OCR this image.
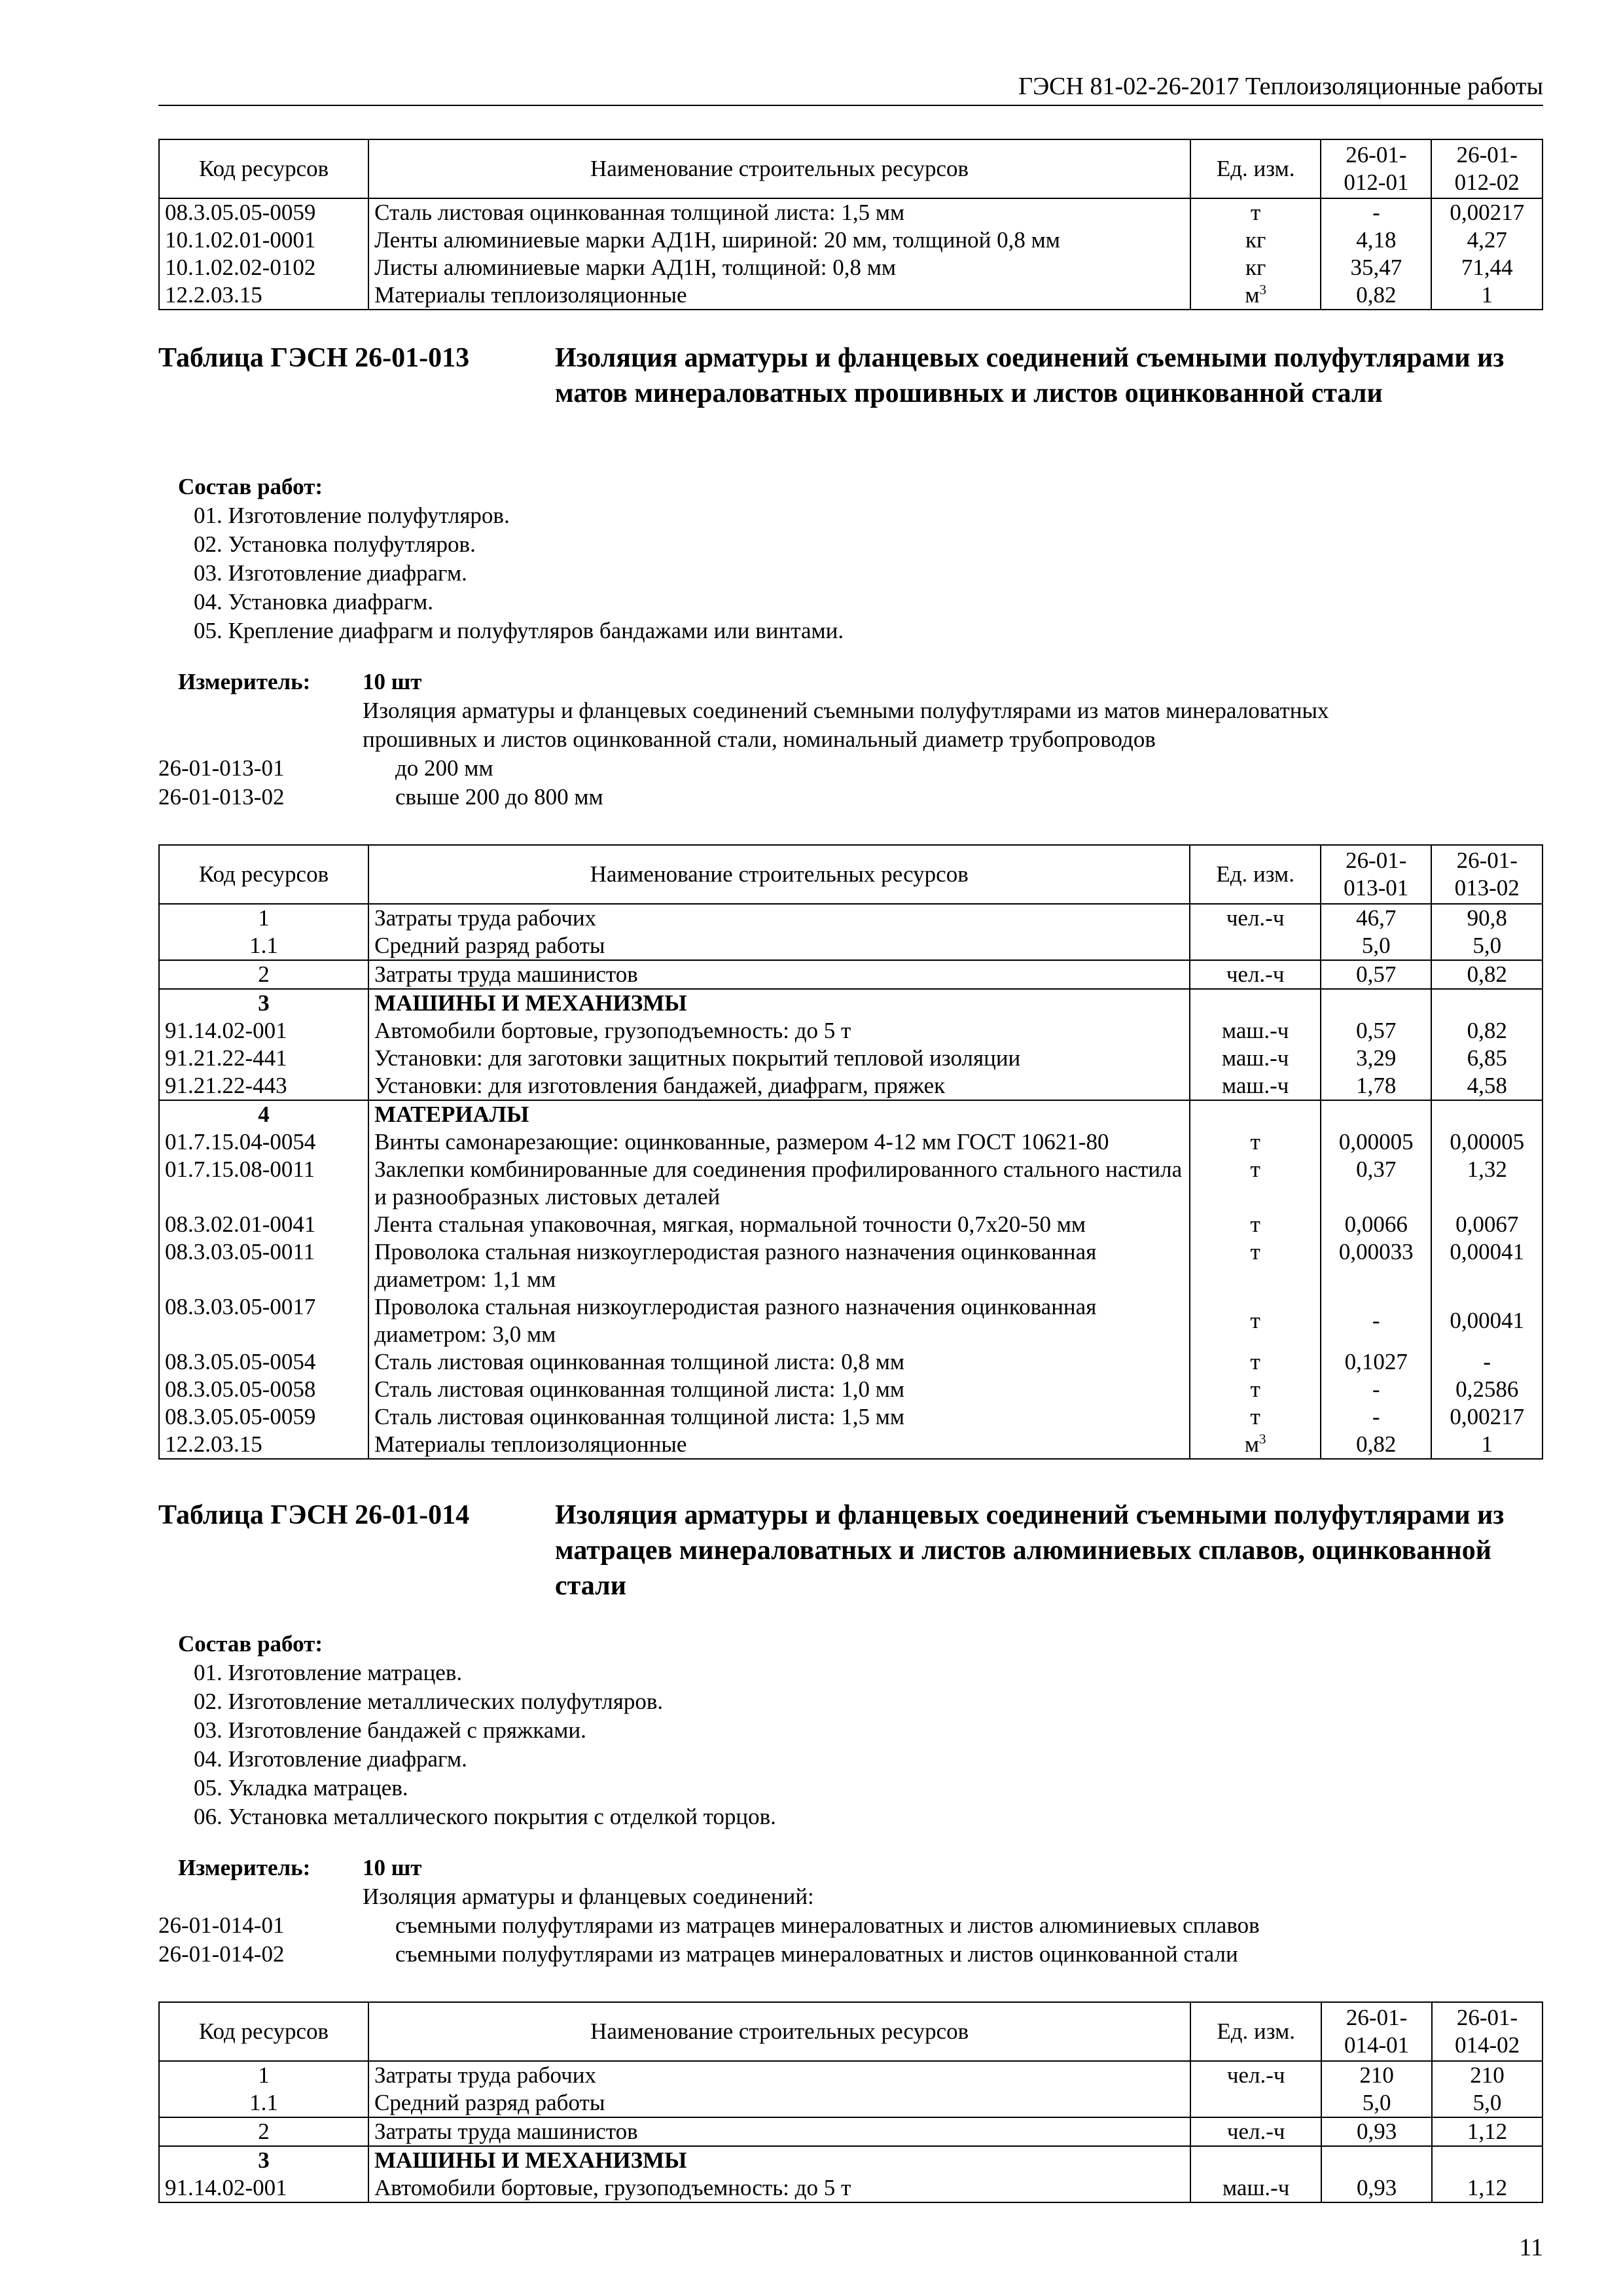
ГЭСН 81-02-26-2017 Теплоизоляционные работы
Код ресурсов	Наименование строительных ресурсов	Ед. изм.	26-01-012-01	26-01-012-02
08.3.05.05-0059	Сталь листовая оцинкованная толщиной листа: 1,5 мм	т	-	0,00217
10.1.02.01-0001	Ленты алюминиевые марки АД1Н, шириной: 20 мм, толщиной 0,8 мм	кг	4,18	4,27
10.1.02.02-0102	Листы алюминиевые марки АД1Н, толщиной: 0,8 мм	кг	35,47	71,44
12.2.03.15	Материалы теплоизоляционные	$м^3$	0,82	1
Таблица ГЭСН 26-01-013	Изоляция арматуры и фланцевых соединений съемными полуфутлярами из матов минераловатных прошивных и листов оцинкованной стали
Состав работ:
01. Изготовление полуфутляров.
02. Установка полуфутляров.
03. Изготовление диафрагм.
04. Установка диафрагм.
05. Крепление диафрагм и полуфутляров бандажами или винтами.
Измеритель: 10 шт
Изоляция арматуры и фланцевых соединений съемными полуфутлярами из матов минераловатных
прошивных и листов оцинкованной стали, номинальный диаметр трубопроводов
26-01-013-01	до 200 мм
26-01-013-02	свыше 200 до 800 мм
Код ресурсов	Наименование строительных ресурсов	Ед. изм.	26-01-013-01	26-01-013-02
1	Затраты труда рабочих	чел.-ч	46,7	90,8
1.1	Средний разряд работы		5,0	5,0
2	Затраты труда машинистов	чел.-ч	0,57	0,82
3	МАШИНЫ И МЕХАНИЗМЫ			
91.14.02-001	Автомобили бортовые, грузоподъемность: до 5 т	маш.-ч	0,57	0,82
91.21.22-441	Установки: для заготовки защитных покрытий тепловой изоляции	маш.-ч	3,29	6,85
91.21.22-443	Установки: для изготовления бандажей, диафрагм, пряжек	маш.-ч	1,78	4,58
4	МАТЕРИАЛЫ			
01.7.15.04-0054	Винты самонарезающие: оцинкованные, размером 4-12 мм ГОСТ 10621-80	т	0,00005	0,00005
01.7.15.08-0011	Заклепки комбинированные для соединения профилированного стального настила и разнообразных листовых деталей	т	0,37	1,32
08.3.02.01-0041	Лента стальная упаковочная, мягкая, нормальной точности 0,7х20-50 мм	т	0,0066	0,0067
08.3.03.05-0011	Проволока стальная низкоуглеродистая разного назначения оцинкованная диаметром: 1,1 мм	т	0,00033	0,00041
08.3.03.05-0017	Проволока стальная низкоуглеродистая разного назначения оцинкованная диаметром: 3,0 мм	т	-	0,00041
08.3.05.05-0054	Сталь листовая оцинкованная толщиной листа: 0,8 мм	т	0,1027	-
08.3.05.05-0058	Сталь листовая оцинкованная толщиной листа: 1,0 мм	т	-	0,2586
08.3.05.05-0059	Сталь листовая оцинкованная толщиной листа: 1,5 мм	т	-	0,00217
12.2.03.15	Материалы теплоизоляционные	$м^3$	0,82	1
Таблица ГЭСН 26-01-014	Изоляция арматуры и фланцевых соединений съемными полуфутлярами из матрацев минераловатных и листов алюминиевых сплавов, оцинкованной стали
Состав работ:
01. Изготовление матрацев.
02. Изготовление металлических полуфутляров.
03. Изготовление бандажей с пряжками.
04. Изготовление диафрагм.
05. Укладка матрацев.
06. Установка металлического покрытия с отделкой торцов.
Измеритель: 10 шт
Изоляция арматуры и фланцевых соединений:
26-01-014-01	съемными полуфутлярами из матрацев минераловатных и листов алюминиевых сплавов
26-01-014-02	съемными полуфутлярами из матрацев минераловатных и листов оцинкованной стали
Код ресурсов	Наименование строительных ресурсов	Ед. изм.	26-01-014-01	26-01-014-02
1	Затраты труда рабочих	чел.-ч	210	210
1.1	Средний разряд работы		5,0	5,0
2	Затраты труда машинистов	чел.-ч	0,93	1,12
3	МАШИНЫ И МЕХАНИЗМЫ			
91.14.02-001	Автомобили бортовые, грузоподъемность: до 5 т	маш.-ч	0,93	1,12
11
